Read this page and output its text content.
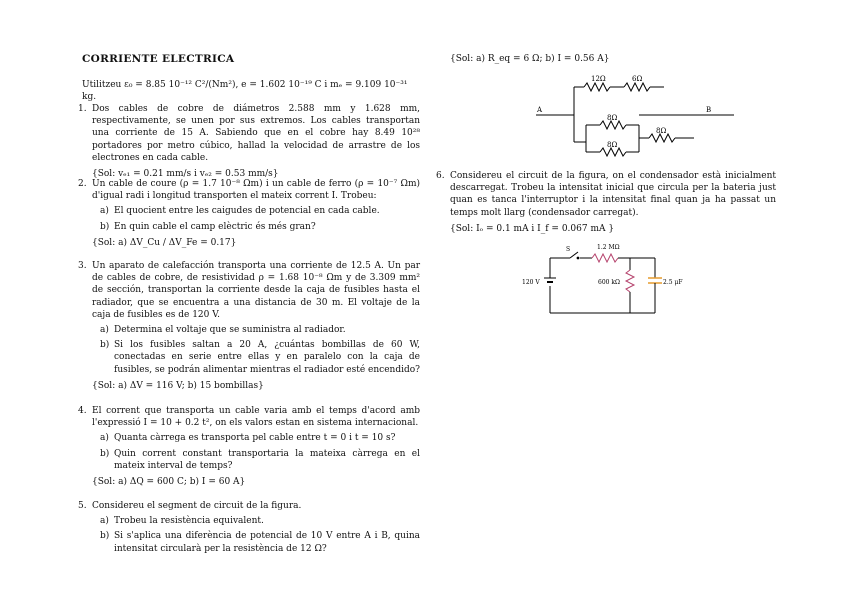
CORRIENTE ELECTRICA
Utilitzeu ε₀ = 8.85 10⁻¹² C²/(Nm²), e = 1.602 10⁻¹⁹ C i mₑ = 9.109 10⁻³¹ kg.
1. Dos cables de cobre de diámetros 2.588 mm y 1.628 mm, respectivamente, se unen por sus extremos. Los cables transportan una corriente de 15 A. Sabiendo que en el cobre hay 8.49 10²⁸ portadores por metro cúbico, hallad la velocidad de arrastre de los electrones en cada cable.
{Sol: vₑ₁ = 0.21 mm/s i vₑ₂ = 0.53 mm/s}
2. Un cable de coure (ρ = 1.7 10⁻⁸ Ωm) i un cable de ferro (ρ = 10⁻⁷ Ωm) d'igual radi i longitud transporten el mateix corrent I. Trobeu:
a) El quocient entre les caigudes de potencial en cada cable.
b) En quin cable el camp elèctric és més gran?
{Sol: a) ΔV_Cu / ΔV_Fe = 0.17}
3. Un aparato de calefacción transporta una corriente de 12.5 A. Un par de cables de cobre, de resistividad ρ = 1.68 10⁻⁸ Ωm y de 3.309 mm² de sección, transportan la corriente desde la caja de fusibles hasta el radiador, que se encuentra a una distancia de 30 m. El voltaje de la caja de fusibles es de 120 V.
a) Determina el voltaje que se suministra al radiador.
b) Si los fusibles saltan a 20 A, ¿cuántas bombillas de 60 W, conectadas en serie entre ellas y en paralelo con la caja de fusibles, se podrán alimentar mientras el radiador esté encendido?
{Sol: a) ΔV = 116 V; b) 15 bombillas}
4. El corrent que transporta un cable varia amb el temps d'acord amb l'expressió I = 10 + 0.2 t², on els valors estan en sistema internacional.
a) Quanta càrrega es transporta pel cable entre t = 0 i t = 10 s?
b) Quin corrent constant transportaria la mateixa càrrega en el mateix interval de temps?
{Sol: a) ΔQ = 600 C; b) I = 60 A}
5. Considereu el segment de circuit de la figura.
a) Trobeu la resistència equivalent.
b) Si s'aplica una diferència de potencial de 10 V entre A i B, quina intensitat circularà per la resistència de 12 Ω?
{Sol: a) R_eq = 6 Ω; b) I = 0.56 A}
A	B
12Ω	6Ω
8Ω
8Ω
8Ω
6. Considereu el circuit de la figura, on el condensador està inicialment descarregat. Trobeu la intensitat inicial que circula per la bateria just quan es tanca l'interruptor i la intensitat final quan ja ha passat un temps molt llarg (condensador carregat).
{Sol: Iₒ = 0.1 mA i I_f = 0.067 mA }
120 V
S	1.2 MΩ
600 kΩ	2.5 μF
